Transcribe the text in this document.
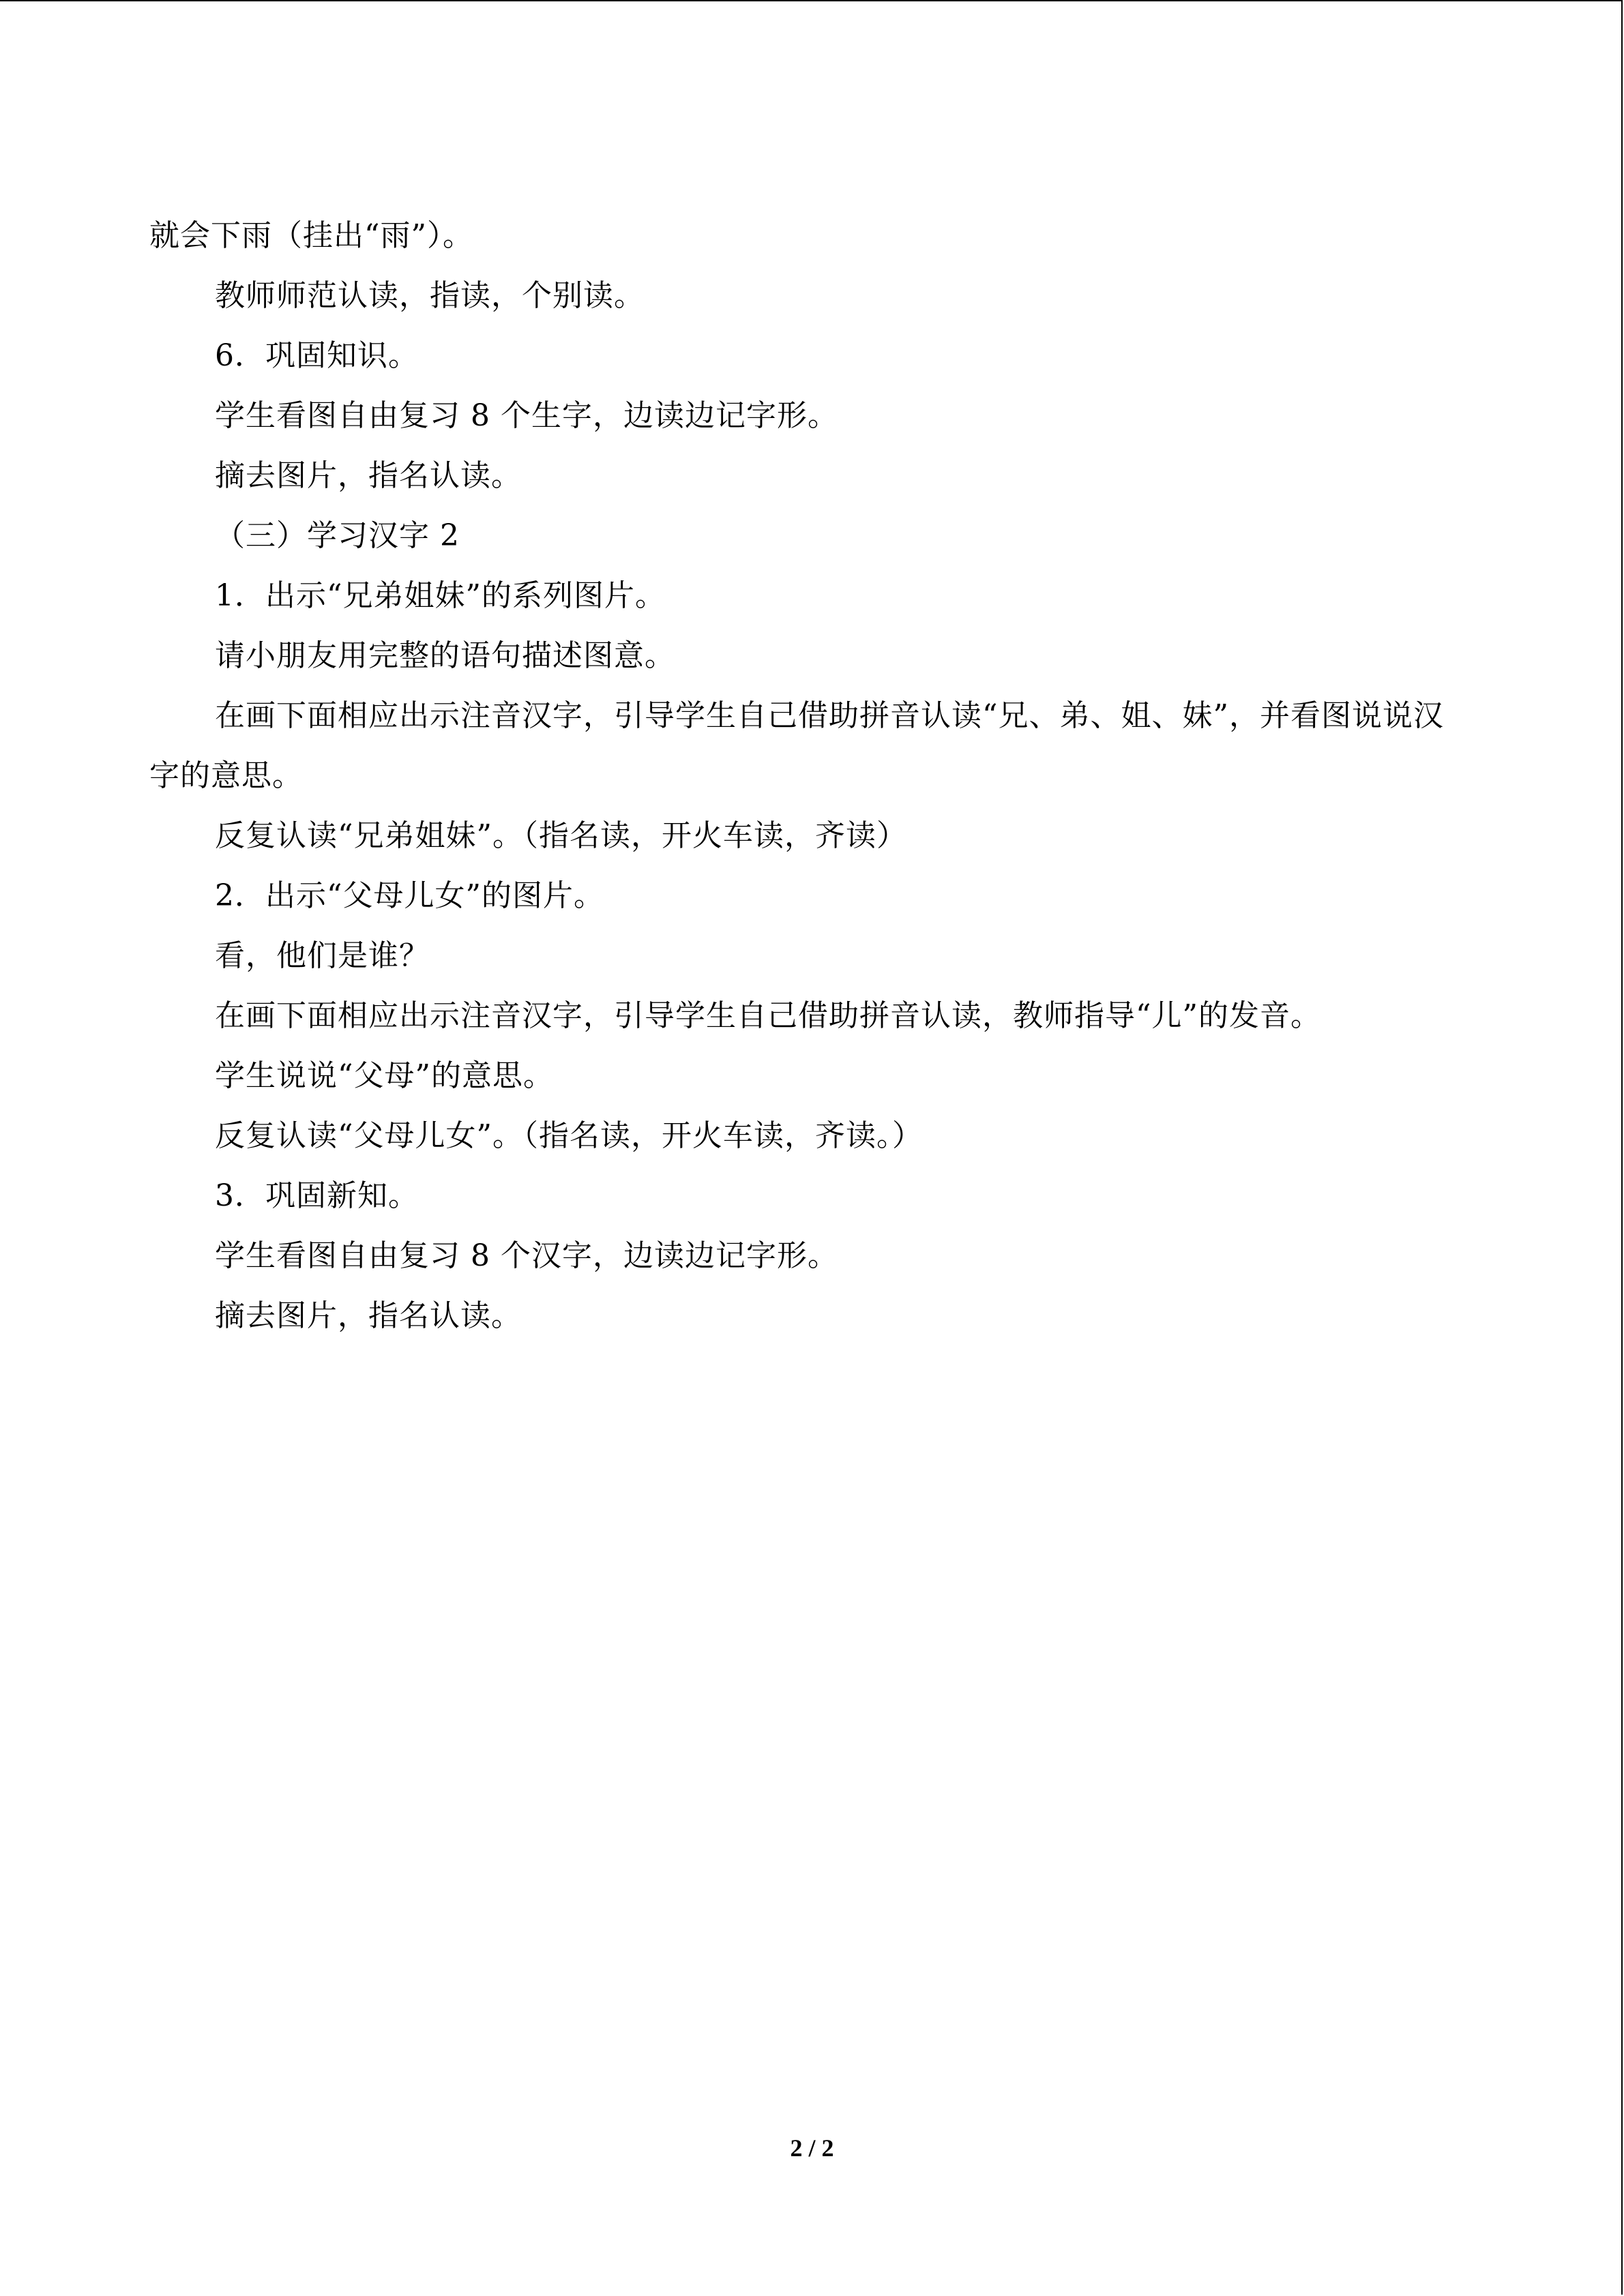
就会下雨（挂出“雨”）。

教师师范认读，指读，个别读。

6．巩固知识。

学生看图自由复习 8 个生字，边读边记字形。

摘去图片，指名认读。

（三）学习汉字 2

1．出示“兄弟姐妹”的系列图片。

请小朋友用完整的语句描述图意。

在画下面相应出示注音汉字，引导学生自己借助拼音认读“兄、弟、姐、妹”，并看图说说汉字的意思。

反复认读“兄弟姐妹”。（指名读，开火车读，齐读）

2．出示“父母儿女”的图片。

看，他们是谁？

在画下面相应出示注音汉字，引导学生自己借助拼音认读，教师指导“儿”的发音。

学生说说“父母”的意思。

反复认读“父母儿女”。（指名读，开火车读，齐读。）

3．巩固新知。

学生看图自由复习 8 个汉字，边读边记字形。

摘去图片，指名认读。

2 / 2
